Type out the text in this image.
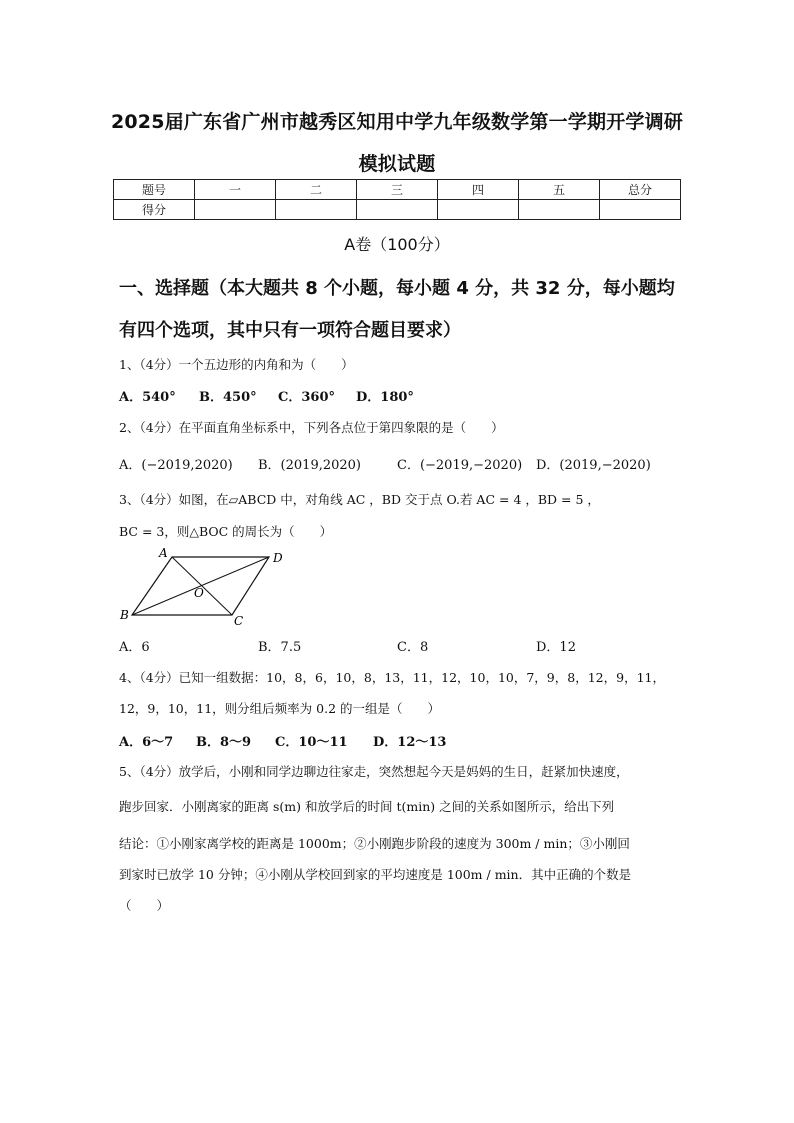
2025届广东省广州市越秀区知用中学九年级数学第一学期开学调研
模拟试题
题号	一	二	三	四	五	总分
得分						
A卷（100分）
一、选择题（本大题共 8 个小题，每小题 4 分，共 32 分，每小题均
有四个选项，其中只有一项符合题目要求）
1、（4分）一个五边形的内角和为（　　）
A．540° B．450° C．360° D．180°
2、（4分）在平面直角坐标系中，下列各点位于第四象限的是（　　）
A．(−2019,2020) B．(2019,2020)	C．(−2019,−2020) D．(2019,−2020)
3、（4分）如图，在▱ABCD 中，对角线 AC ，BD 交于点 O.若 AC = 4 ，BD = 5 ，
BC = 3，则△BOC 的周长为（　　）
A	D
O
B	C
A．6	B．7.5	C．8	D．12
4、（4分）已知一组数据：10，8，6，10，8，13，11，12，10，10，7，9，8，12，9，11，
12，9，10，11，则分组后频率为 0.2 的一组是（　　）
A．6～7 B．8～9 C．10～11 D．12～13
5、（4分）放学后，小刚和同学边聊边往家走，突然想起今天是妈妈的生日，赶紧加快速度，
跑步回家．小刚离家的距离 s(m) 和放学后的时间 t(min) 之间的关系如图所示，给出下列
结论：①小刚家离学校的距离是 1000m；②小刚跑步阶段的速度为 300m / min；③小刚回
到家时已放学 10 分钟；④小刚从学校回到家的平均速度是 100m / min．其中正确的个数是
（　　）
